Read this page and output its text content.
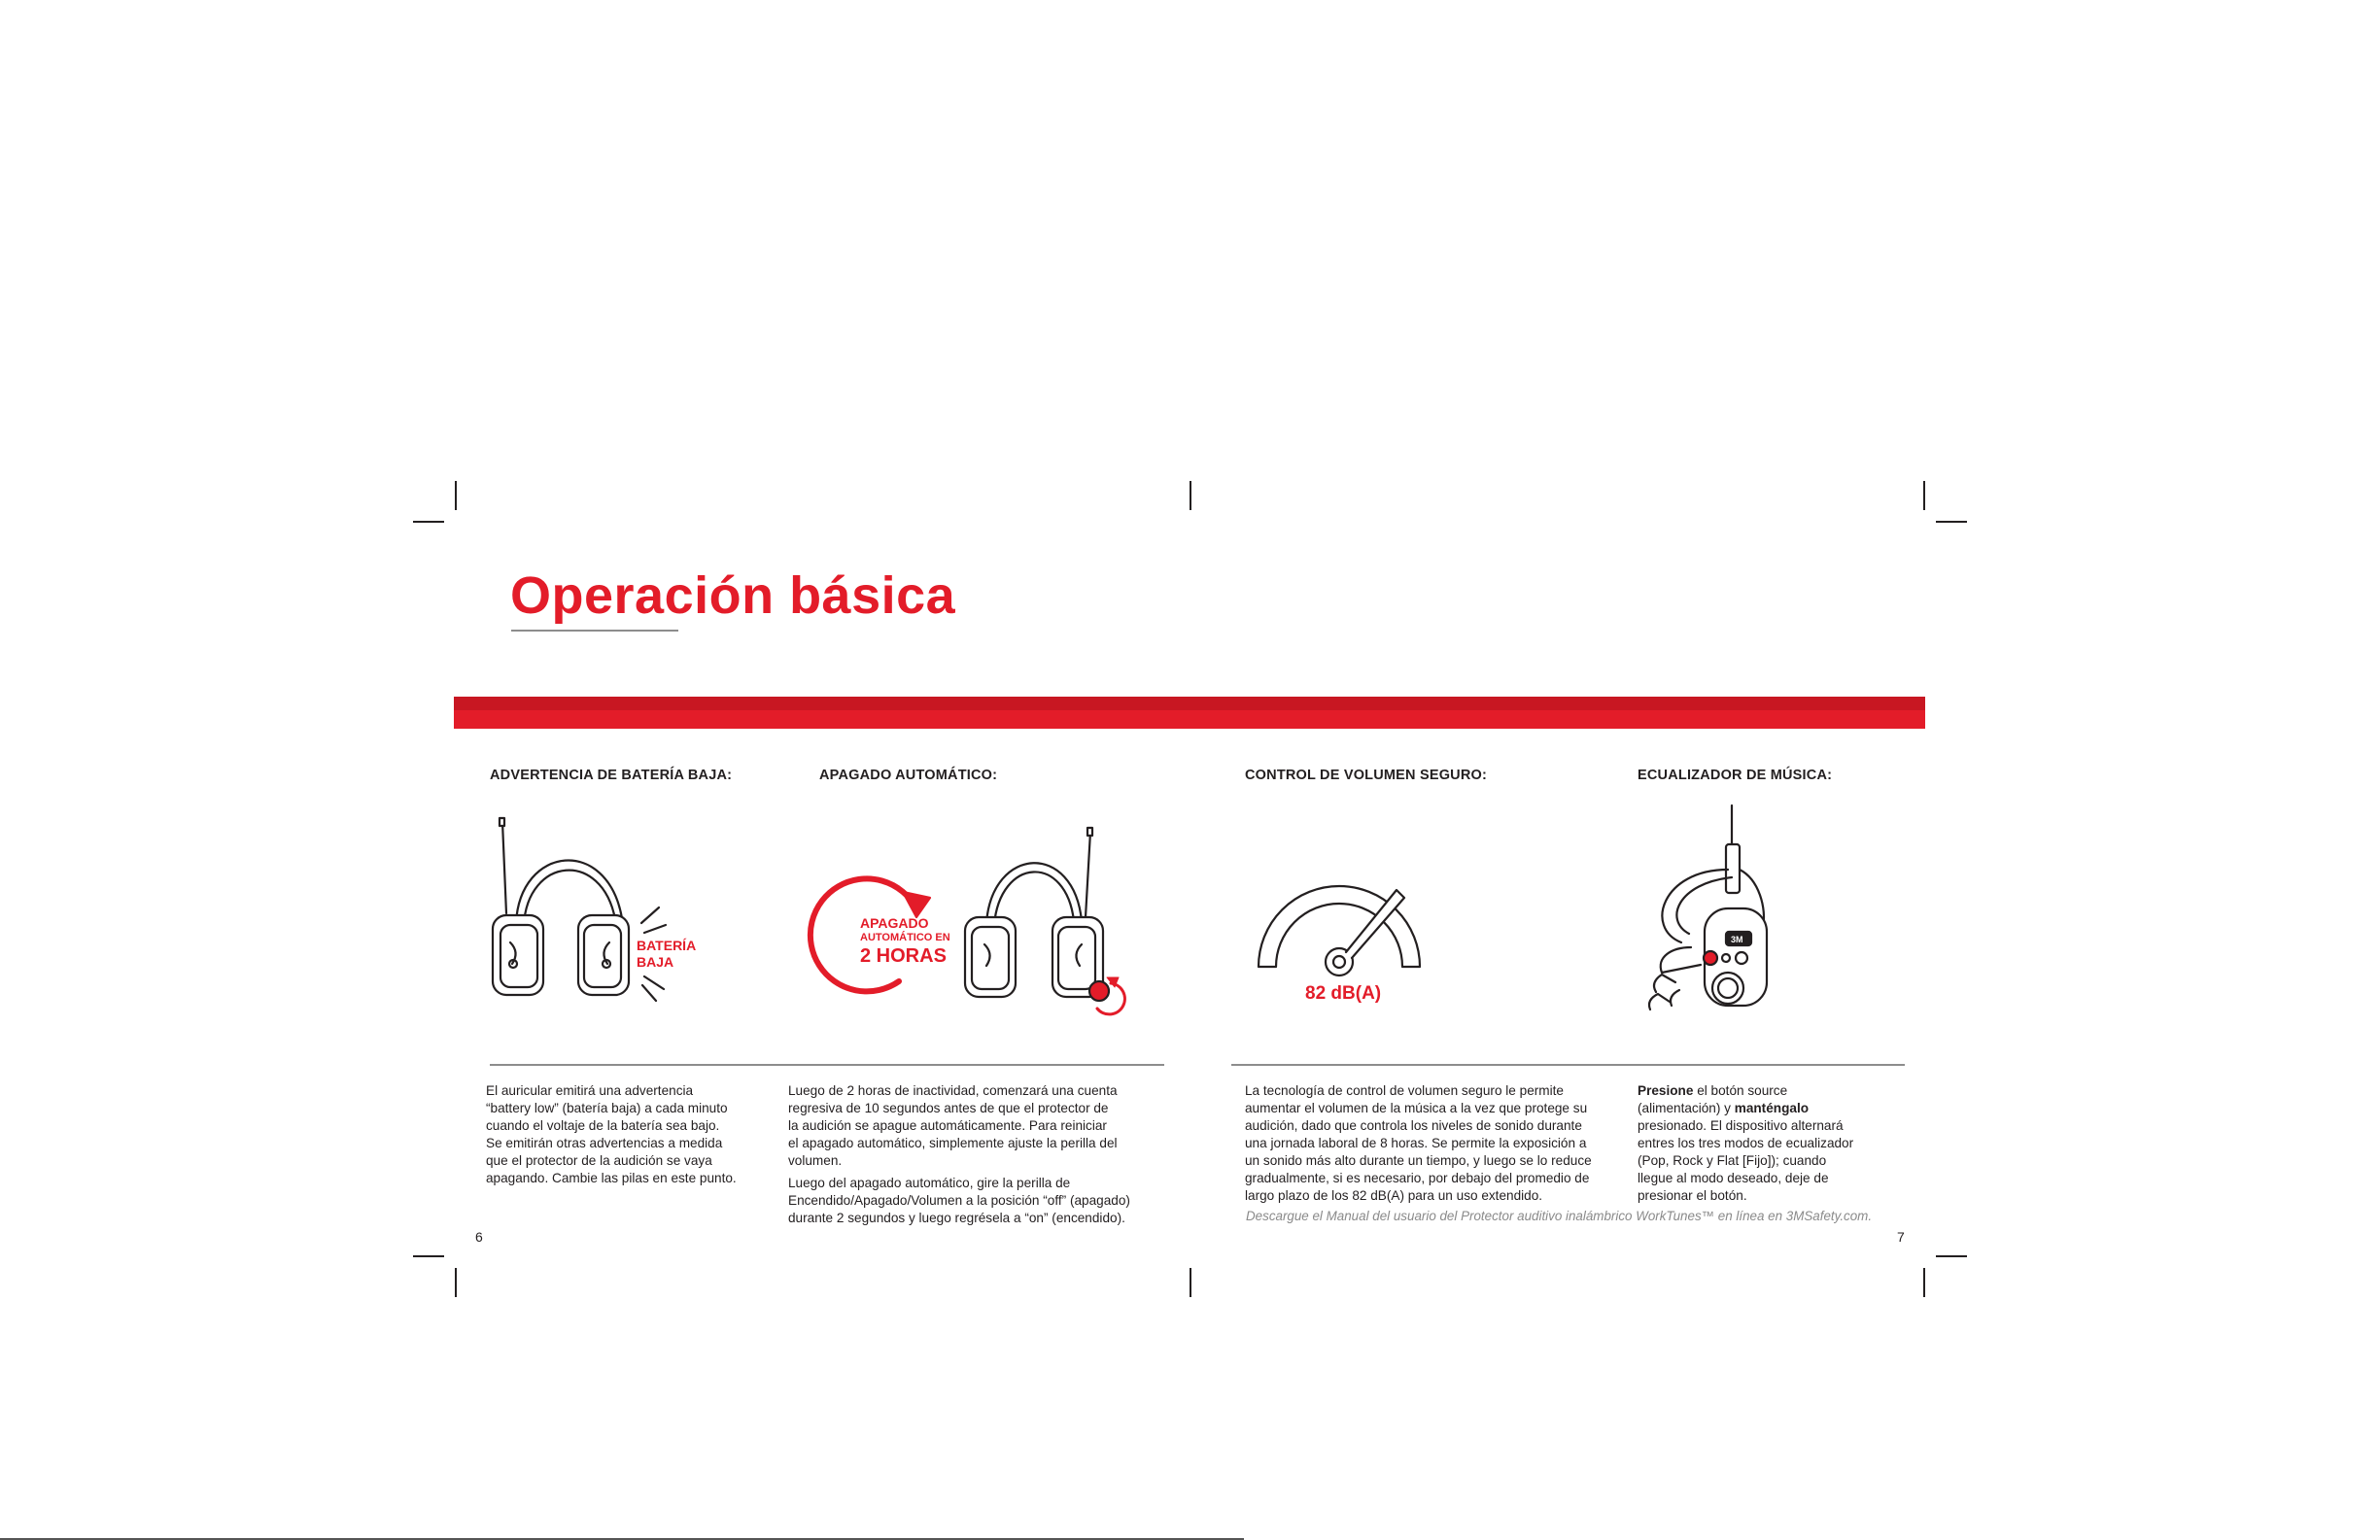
Operación básica
ADVERTENCIA DE BATERÍA BAJA:	APAGADO AUTOMÁTICO:	CONTROL DE VOLUMEN SEGURO:	ECUALIZADOR DE MÚSICA:
BATERÍA
BAJA
APAGADO
AUTOMÁTICO EN
2 HORAS
82 dB(A)
3M

El auricular emitirá una advertencia
“battery low” (batería baja) a cada minuto
cuando el voltaje de la batería sea bajo.
Se emitirán otras advertencias a medida
que el protector de la audición se vaya
apagando. Cambie las pilas en este punto.

Luego de 2 horas de inactividad, comenzará una cuenta
regresiva de 10 segundos antes de que el protector de
la audición se apague automáticamente. Para reiniciar
el apagado automático, simplemente ajuste la perilla del
volumen.

Luego del apagado automático, gire la perilla de
Encendido/Apagado/Volumen a la posición “off” (apagado)
durante 2 segundos y luego regrésela a “on” (encendido).

La tecnología de control de volumen seguro le permite
aumentar el volumen de la música a la vez que protege su
audición, dado que controla los niveles de sonido durante
una jornada laboral de 8 horas. Se permite la exposición a
un sonido más alto durante un tiempo, y luego se lo reduce
gradualmente, si es necesario, por debajo del promedio de
largo plazo de los 82 dB(A) para un uso extendido.

Presione el botón source
(alimentación) y manténgalo
presionado. El dispositivo alternará
entres los tres modos de ecualizador
(Pop, Rock y Flat [Fijo]); cuando
llegue al modo deseado, deje de
presionar el botón.

Descargue el Manual del usuario del Protector auditivo inalámbrico WorkTunes™ en línea en 3MSafety.com.
6	7
